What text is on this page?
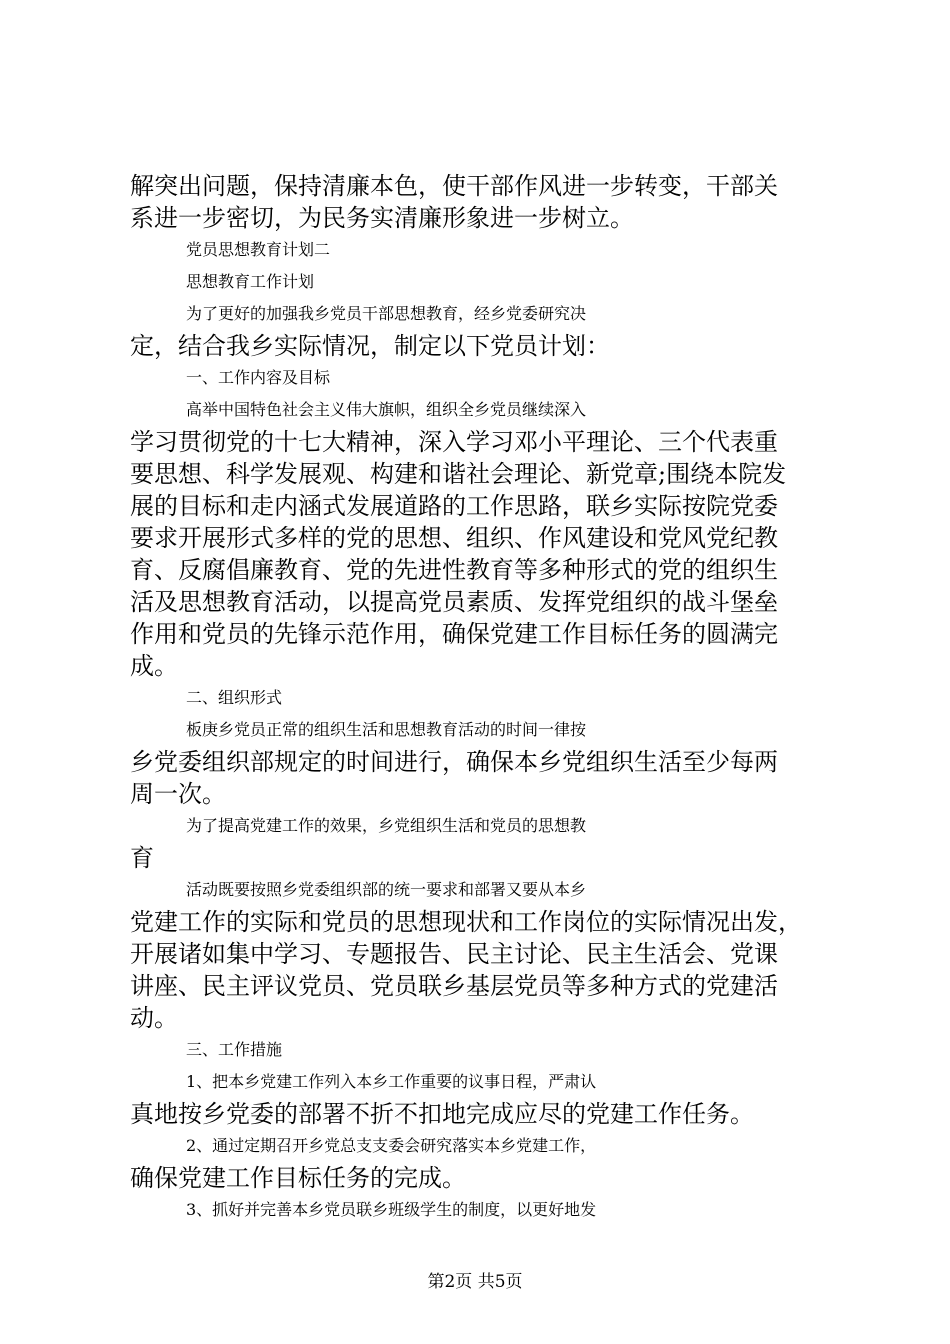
解突出问题，保持清廉本色，使干部作风进一步转变，干部关
系进一步密切，为民务实清廉形象进一步树立。
党员思想教育计划二
思想教育工作计划
为了更好的加强我乡党员干部思想教育，经乡党委研究决
定，结合我乡实际情况，制定以下党员计划：
一、工作内容及目标
高举中国特色社会主义伟大旗帜，组织全乡党员继续深入
学习贯彻党的十七大精神，深入学习邓小平理论、三个代表重
要思想、科学发展观、构建和谐社会理论、新党章;围绕本院发
展的目标和走内涵式发展道路的工作思路，联乡实际按院党委
要求开展形式多样的党的思想、组织、作风建设和党风党纪教
育、反腐倡廉教育、党的先进性教育等多种形式的党的组织生
活及思想教育活动，以提高党员素质、发挥党组织的战斗堡垒
作用和党员的先锋示范作用，确保党建工作目标任务的圆满完
成。
二、组织形式
板庚乡党员正常的组织生活和思想教育活动的时间一律按
乡党委组织部规定的时间进行，确保本乡党组织生活至少每两
周一次。
为了提高党建工作的效果，乡党组织生活和党员的思想教
育
活动既要按照乡党委组织部的统一要求和部署又要从本乡
党建工作的实际和党员的思想现状和工作岗位的实际情况出发，
开展诸如集中学习、专题报告、民主讨论、民主生活会、党课
讲座、民主评议党员、党员联乡基层党员等多种方式的党建活
动。
三、工作措施
1、把本乡党建工作列入本乡工作重要的议事日程，严肃认
真地按乡党委的部署不折不扣地完成应尽的党建工作任务。
2、通过定期召开乡党总支支委会研究落实本乡党建工作，
确保党建工作目标任务的完成。
3、抓好并完善本乡党员联乡班级学生的制度，以更好地发
第2页 共5页
